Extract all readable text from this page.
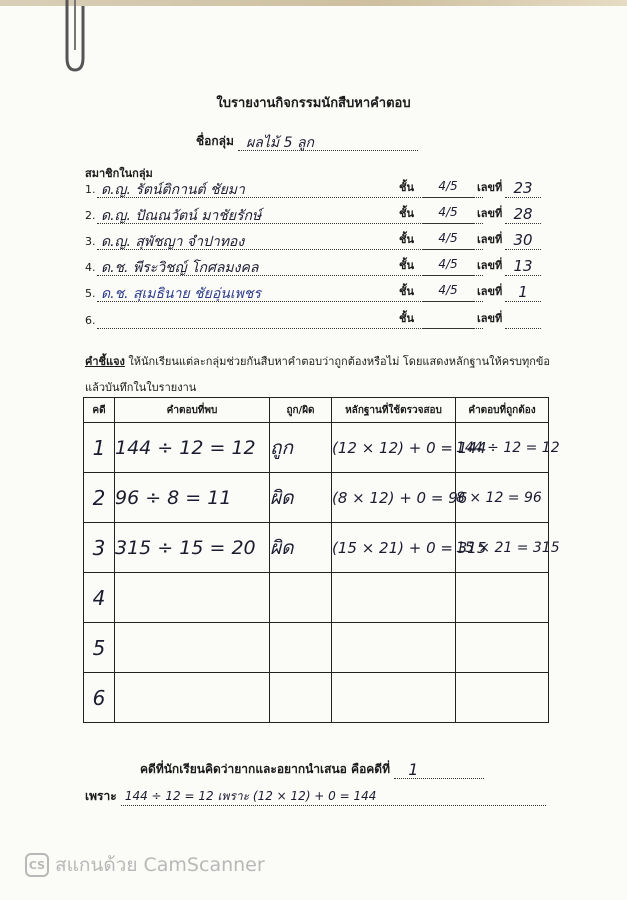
ใบรายงานกิจกรรมนักสืบหาคำตอบ
ชื่อกลุ่ม ผลไม้ 5 ลูก
สมาชิกในกลุ่ม
1. ด.ญ. รัตน์ติกานต์ ชัยมา	ชั้น	4/5	เลขที่ 23
2. ด.ญ. ปัณณวัตน์ มาชัยรักษ์	ชั้น	4/5	เลขที่ 28
3. ด.ญ. สุพัชญา จำปาทอง	ชั้น	4/5	เลขที่ 30
4. ด.ช. พีระวิชญ์ โกศลมงคล	ชั้น	4/5	เลขที่ 13
5. ด.ช. สุเมธินาย ชัยอุ่นเพชร	ชั้น	4/5	เลขที่	1
6.	ชั้น	เลขที่
คำชี้แจง ให้นักเรียนแต่ละกลุ่มช่วยกันสืบหาคำตอบว่าถูกต้องหรือไม่ โดยแสดงหลักฐานให้ครบทุกข้อ แล้วบันทึกในใบรายงาน
คดี	คำตอบที่พบ	ถูก/ผิด	หลักฐานที่ใช้ตรวจสอบ	คำตอบที่ถูกต้อง
1	144 ÷ 12 = 12	ถูก	(12 × 12) + 0 = 144	144 ÷ 12 = 12
2	96 ÷ 8 = 11	ผิด	(8 × 12) + 0 = 96	8 × 12 = 96
3	315 ÷ 15 = 20	ผิด	(15 × 21) + 0 = 315	15 × 21 = 315
4				
5				
6				
คดีที่นักเรียนคิดว่ายากและอยากนำเสนอ คือคดีที่ 1
เพราะ 144 ÷ 12 = 12 เพราะ (12 × 12) + 0 = 144
CS สแกนด้วย CamScanner
